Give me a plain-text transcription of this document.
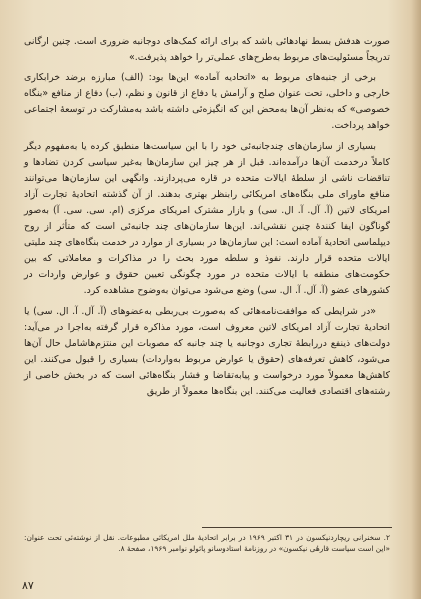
صورت هدفش بسط نهادهائی باشد که برای ارائه کمک‌های دوجانبه ضروری است. چنین ارگانی تدریجاً مسئولیت‌های مربوط به‌طرح‌های عملی‌تر را خواهد پذیرفت.»

برخی از جنبه‌های مربوط به «اتحادیه آماده» این‌ها بود: (الف) مبارزه برضد خرابکاری خارجی و داخلی، تحت عنوان صلح و آرامش یا دفاع از قانون و نظم، (ب) دفاع از منافع «بنگاه خصوصی» که به‌نظر آن‌ها به‌محض این که انگیزه‌ئی داشته باشد به‌مشارکت در توسعهٔ اجتماعی خواهد پرداخت.

بسیاری از سازمان‌های چندجانبه‌ئی خود را با این سیاست‌ها منطبق کرده یا به‌مفهوم دیگر کاملاً درخدمت آن‌ها درآمده‌اند. قبل از هر چیز این سازمان‌ها به‌غیر سیاسی کردن تضادها و تناقضات ناشی از سلطهٔ ایالات متحده در قاره می‌پردازند. وانگهی این سازمان‌ها می‌توانند منافع ماورای ملی بنگاه‌های امریکائی رابنظر بهتری بدهند. از آن گذشته اتحادیهٔ تجارت آزاد امریکای لاتین (آ. آل. آ. ال. سی) و بازار مشترک امریکای مرکزی (ام. سی. سی. آ) به‌صور گوناگون ایفا کنندهٔ چنین نقشی‌اند. این‌ها سازمان‌های چند جانبه‌ئی است که متأثر از روح دیپلماسی اتحادیهٔ آماده است: این سازمان‌ها در بسیاری از موارد در خدمت بنگاه‌های چند ملیتی ایالات متحده قرار دارند. نفوذ و سلطه مورد بحث را در مذاکرات و معاملاتی که بین حکومت‌های منطقه با ایالات متحده در مورد چگونگی تعیین حقوق و عوارض واردات در کشورهای عضو (آ. آل. آ. ال. سی) وضع می‌شود می‌توان به‌وضوح مشاهده کرد.

«در شرایطی که موافقت‌نامه‌هائی که به‌صورت بی‌ربطی به‌عضوهای (آ. آل. آ. ال. سی) یا اتحادیهٔ تجارت آزاد امریکای لاتین معروف است، مورد مذاکره قرار گرفته به‌اجرا در می‌آید: دولت‌های ذینفع دررابطهٔ تجاری دوجانبه یا چند جانبه که مصوبات این منتزم‌هاشامل حال آن‌ها می‌شود، کاهش تعرفه‌های (حقوق یا عوارض مربوط به‌واردات) بسیاری را قبول می‌کنند. این کاهش‌ها معمولاً مورد درخواست و پیابه‌تقاضا و فشار بنگاه‌هائی است که در بخش خاصی از رشته‌های اقتصادی فعالیت می‌کنند. این بنگاه‌ها معمولاً از طریق

۲. سخنرانی ریچاردنیکسون در ۳۱ اکتبر ۱۹۶۹ در برابر اتحادیهٔ ملل امریکائی مطبوعات. نقل از نوشته‌ئی تحت عنوان: «این است سیاست قارهٔی نیکسون» در روزنامهٔ استادوسانو پائولو نوامبر ۱۹۶۹، صفحهٔ ۸.
۸۷
